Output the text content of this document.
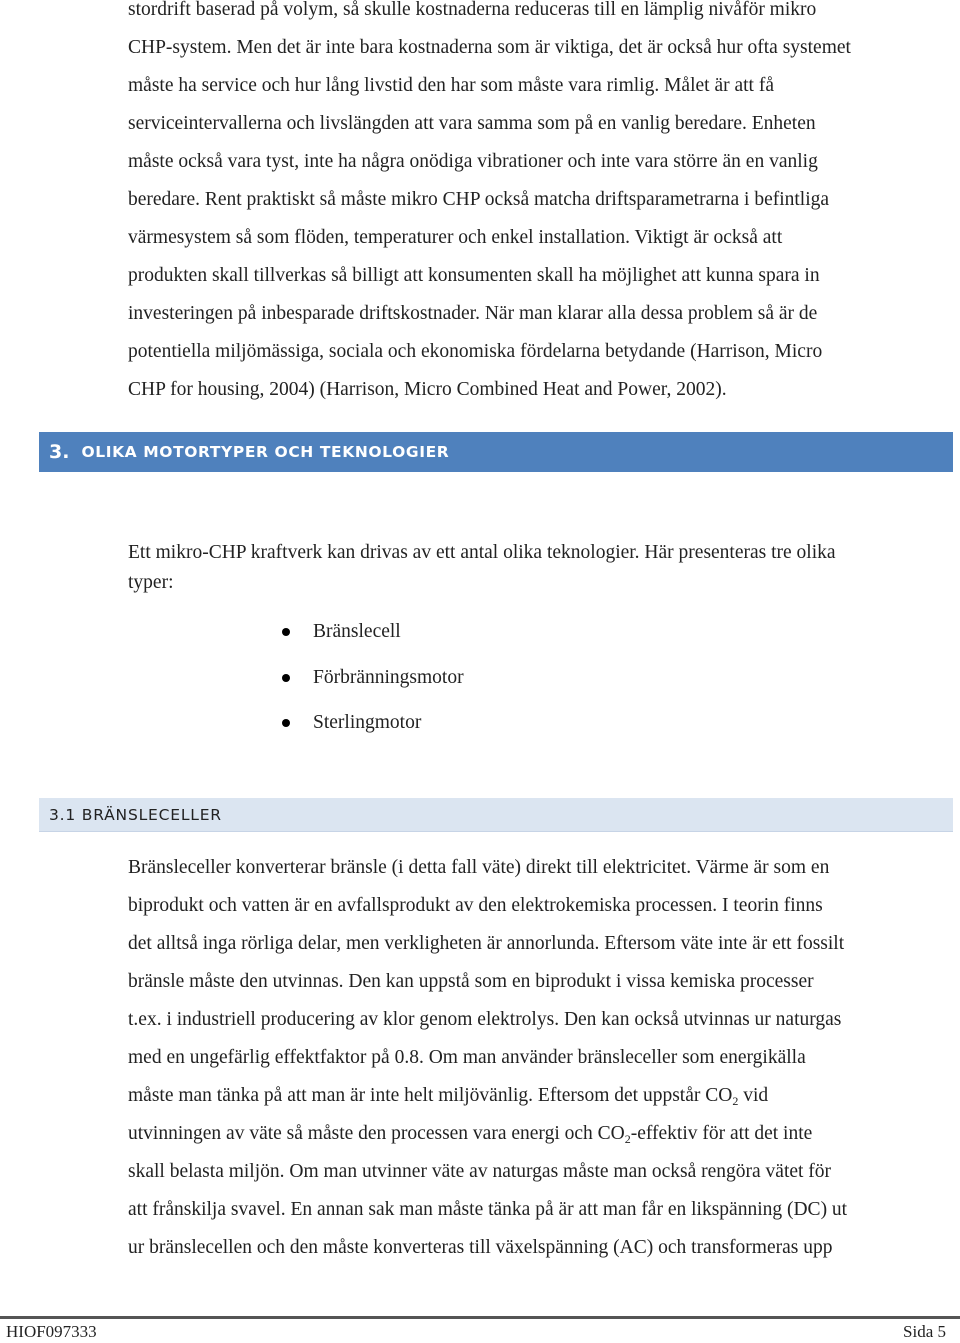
stordrift baserad på volym, så skulle kostnaderna reduceras till en lämplig nivåför mikro
CHP-system. Men det är inte bara kostnaderna som är viktiga, det är också hur ofta systemet
måste ha service och hur lång livstid den har som måste vara rimlig. Målet är att få
serviceintervallerna och livslängden att vara samma som på en vanlig beredare. Enheten
måste också vara tyst, inte ha några onödiga vibrationer och inte vara större än en vanlig
beredare. Rent praktiskt så måste mikro CHP också matcha driftsparametrarna i befintliga
värmesystem så som flöden, temperaturer och enkel installation. Viktigt är också att
produkten skall tillverkas så billigt att konsumenten skall ha möjlighet att kunna spara in
investeringen på inbesparade driftskostnader. När man klarar alla dessa problem så är de
potentiella miljömässiga, sociala och ekonomiska fördelarna betydande (Harrison, Micro
CHP for housing, 2004) (Harrison, Micro Combined Heat and Power, 2002).
3. OLIKA MOTORTYPER OCH TEKNOLOGIER
Ett mikro-CHP kraftverk kan drivas av ett antal olika teknologier. Här presenteras tre olika
typer:
Bränslecell
Förbränningsmotor
Sterlingmotor
3.1 BRÄNSLECELLER
Bränsleceller konverterar bränsle (i detta fall väte) direkt till elektricitet. Värme är som en
biprodukt och vatten är en avfallsprodukt av den elektrokemiska processen. I teorin finns
det alltså inga rörliga delar, men verkligheten är annorlunda. Eftersom väte inte är ett fossilt
bränsle måste den utvinnas. Den kan uppstå som en biprodukt i vissa kemiska processer
t.ex. i industriell producering av klor genom elektrolys. Den kan också utvinnas ur naturgas
med en ungefärlig effektfaktor på 0.8. Om man använder bränsleceller som energikälla
måste man tänka på att man är inte helt miljövänlig. Eftersom det uppstår $CO_2$ vid
utvinningen av väte så måste den processen vara energi och $CO_2$-effektiv för att det inte
skall belasta miljön. Om man utvinner väte av naturgas måste man också rengöra vätet för
att frånskilja svavel. En annan sak man måste tänka på är att man får en likspänning (DC) ut
ur bränslecellen och den måste konverteras till växelspänning (AC) och transformeras upp
HIOF097333	Sida 5
